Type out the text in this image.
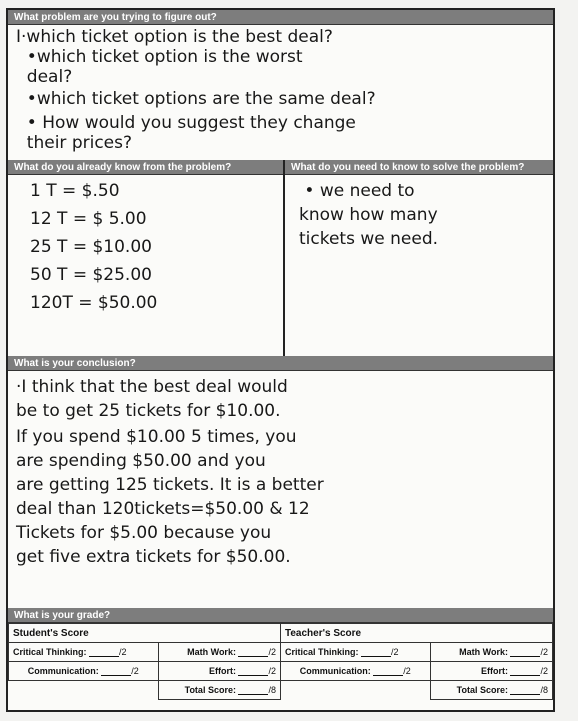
What problem are you trying to figure out?
I·which ticket option is the best deal?
•which ticket option is the worst
deal?
•which ticket options are the same deal?
• How would you suggest they change
their prices?
What do you already know from the problem?
1 T = $.50
12 T = $ 5.00
25 T = $10.00
50 T = $25.00
120T = $50.00
What do you need to know to solve the problem?
• we need to
know how many
tickets we need.
What is your conclusion?
·I think that the best deal would
be to get 25 tickets for $10.00.
If you spend $10.00 5 times, you
are spending $50.00 and you
are getting 125 tickets. It is a better
deal than 120tickets=$50.00 & 12
Tickets for $5.00 because you
get five extra tickets for $50.00.
What is your grade?
Student's Score		Teacher's Score	
Critical Thinking: /2	Math Work: /2	Critical Thinking: /2	Math Work: /2
Communication: /2	Effort: /2	Communication: /2	Effort: /2
	Total Score: /8		Total Score: /8
